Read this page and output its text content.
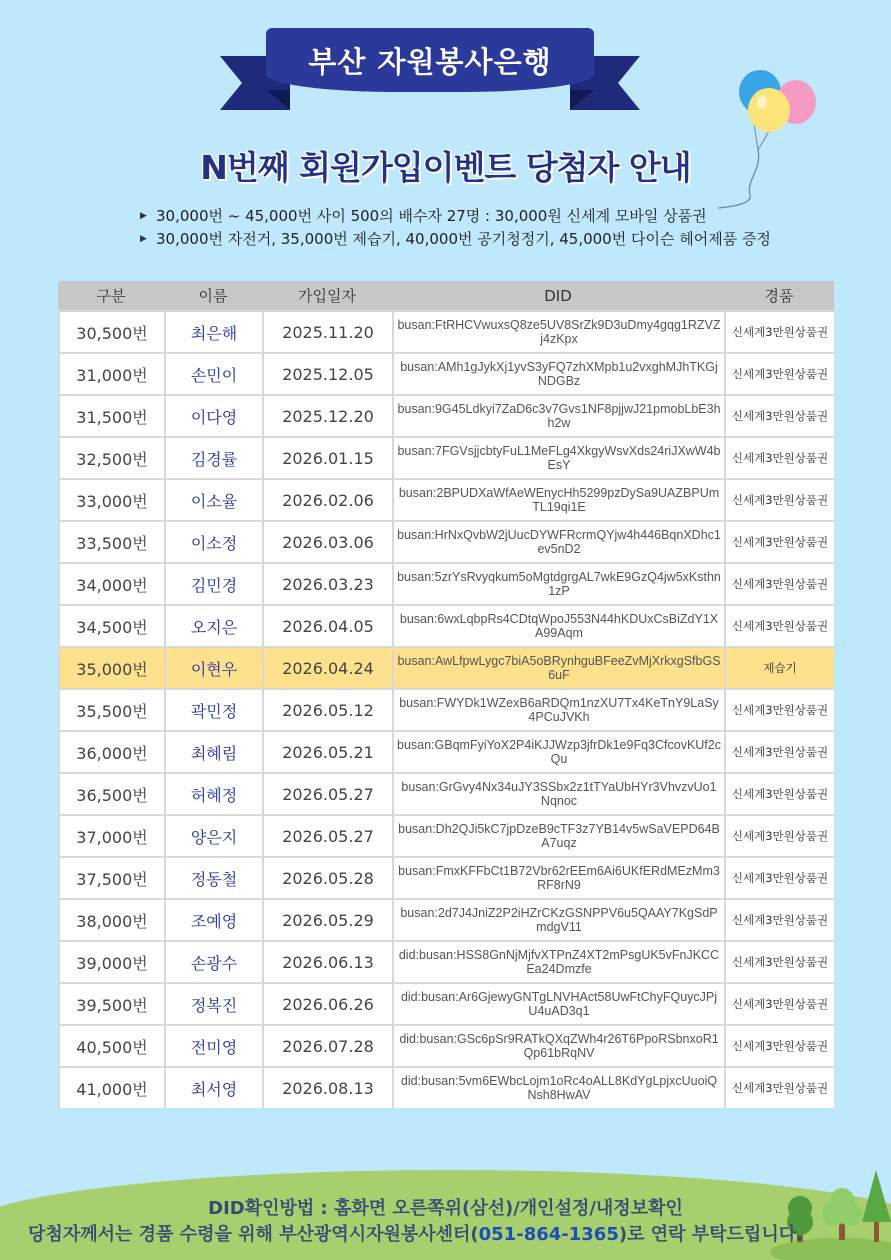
부산 자원봉사은행
N번째 회원가입이벤트 당첨자 안내
▶ 30,000번 ~ 45,000번 사이 500의 배수자 27명 : 30,000원 신세계 모바일 상품권
▶ 30,000번 자전거, 35,000번 제습기, 40,000번 공기청정기, 45,000번 다이슨 헤어제품 증정
구분	이름	가입일자	DID	경품
30,500번	최은해	2025.11.20	busan:FtRHCVwuxsQ8ze5UV8SrZk9D3uDmy4gqg1RZVZj4zKpx	신세계3만원상품권
31,000번	손민이	2025.12.05	busan:AMh1gJykXj1yvS3yFQ7zhXMpb1u2vxghMJhTKGjNDGBz	신세계3만원상품권
31,500번	이다영	2025.12.20	busan:9G45Ldkyi7ZaD6c3v7Gvs1NF8pjjwJ21pmobLbE3hh2w	신세계3만원상품권
32,500번	김경률	2026.01.15	busan:7FGVsjjcbtyFuL1MeFLg4XkgyWsvXds24riJXwW4bEsY	신세계3만원상품권
33,000번	이소율	2026.02.06	busan:2BPUDXaWfAeWEnycHh5299pzDySa9UAZBPUmTL19qi1E	신세계3만원상품권
33,500번	이소정	2026.03.06	busan:HrNxQvbW2jUucDYWFRcrmQYjw4h446BqnXDhc1ev5nD2	신세계3만원상품권
34,000번	김민경	2026.03.23	busan:5zrYsRvyqkum5oMgtdgrgAL7wkE9GzQ4jw5xKsthn1zP	신세계3만원상품권
34,500번	오지은	2026.04.05	busan:6wxLqbpRs4CDtqWpoJ553N44hKDUxCsBiZdY1XA99Aqm	신세계3만원상품권
35,000번	이현우	2026.04.24	busan:AwLfpwLygc7biA5oBRynhguBFeeZvMjXrkxgSfbGS6uF	제습기
35,500번	곽민정	2026.05.12	busan:FWYDk1WZexB6aRDQm1nzXU7Tx4KeTnY9LaSy4PCuJVKh	신세계3만원상품권
36,000번	최혜림	2026.05.21	busan:GBqmFyiYoX2P4iKJJWzp3jfrDk1e9Fq3CfcovKUf2cQu	신세계3만원상품권
36,500번	허혜정	2026.05.27	busan:GrGvy4Nx34uJY3SSbx2z1tTYaUbHYr3VhvzvUo1Nqnoc	신세계3만원상품권
37,000번	양은지	2026.05.27	busan:Dh2QJi5kC7jpDzeB9cTF3z7YB14v5wSaVEPD64BA7uqz	신세계3만원상품권
37,500번	정동철	2026.05.28	busan:FmxKFFbCt1B72Vbr62rEEm6Ai6UKfERdMEzMm3RF8rN9	신세계3만원상품권
38,000번	조예영	2026.05.29	busan:2d7J4JniZ2P2iHZrCKzGSNPPV6u5QAAY7KgSdPmdgV11	신세계3만원상품권
39,000번	손광수	2026.06.13	did:busan:HSS8GnNjMjfvXTPnZ4XT2mPsgUK5vFnJKCCEa24Dmzfe	신세계3만원상품권
39,500번	정복진	2026.06.26	did:busan:Ar6GjewyGNTgLNVHAct58UwFtChyFQuycJPjU4uAD3q1	신세계3만원상품권
40,500번	전미영	2026.07.28	did:busan:GSc6pSr9RATkQXqZWh4r26T6PpoRSbnxoR1Qp61bRqNV	신세계3만원상품권
41,000번	최서영	2026.08.13	did:busan:5vm6EWbcLojm1oRc4oALL8KdYgLpjxcUuoiQNsh8HwAV	신세계3만원상품권
DID확인방법 : 홈화면 오른쪽위(삼선)/개인설정/내정보확인
당첨자께서는 경품 수령을 위해 부산광역시자원봉사센터(051-864-1365)로 연락 부탁드립니다.
